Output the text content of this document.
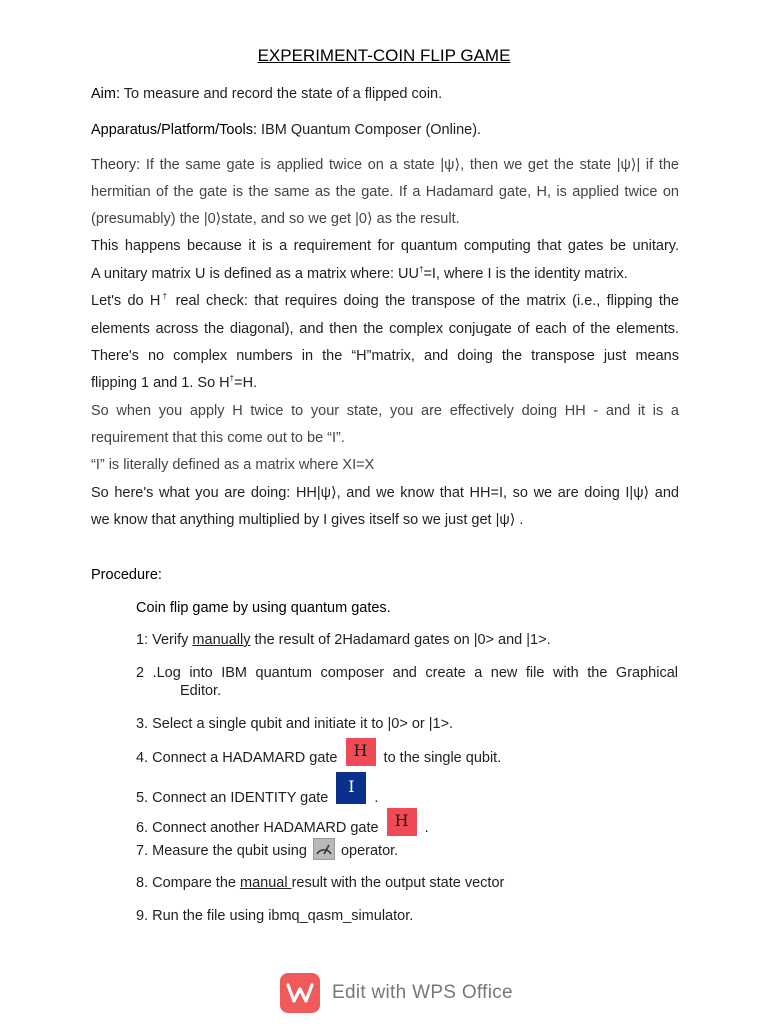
EXPERIMENT-COIN FLIP GAME
Aim: To measure and record the state of a flipped coin.
Apparatus/Platform/Tools: IBM Quantum Composer (Online).
Theory: If the same gate is applied twice on a state |ψ⟩, then we get the state |ψ⟩| if the
hermitian of the gate is the same as the gate. If a Hadamard gate, H, is applied twice on
(presumably) the |0⟩state, and so we get |0⟩ as the result.
This happens because it is a requirement for quantum computing that gates be unitary.
A unitary matrix U is defined as a matrix where: UU†=I, where I is the identity matrix.
Let's do H† real check: that requires doing the transpose of the matrix (i.e., flipping the
elements across the diagonal), and then the complex conjugate of each of the elements.
There's no complex numbers in the “H”matrix, and doing the transpose just means
flipping 1 and 1. So H†=H.
So when you apply H twice to your state, you are effectively doing HH - and it is a
requirement that this come out to be “I”.
“I” is literally defined as a matrix where XI=X
So here's what you are doing: HH|ψ⟩, and we know that HH=I, so we are doing I|ψ⟩ and
we know that anything multiplied by I gives itself so we just get |ψ⟩ .
Procedure:
Coin flip game by using quantum gates.
1: Verify manually the result of 2Hadamard gates on |0> and |1>.
2 .Log into IBM quantum composer and create a new file with the Graphical
Editor.
3. Select a single qubit and initiate it to |0> or |1>.
4. Connect a HADAMARD gate H to the single qubit.
5. Connect an IDENTITY gate I .
6. Connect another HADAMARD gate H .
7. Measure the qubit using  operator.
8. Compare the manual result with the output state vector
9. Run the file using ibmq_qasm_simulator.
Edit with WPS Office
